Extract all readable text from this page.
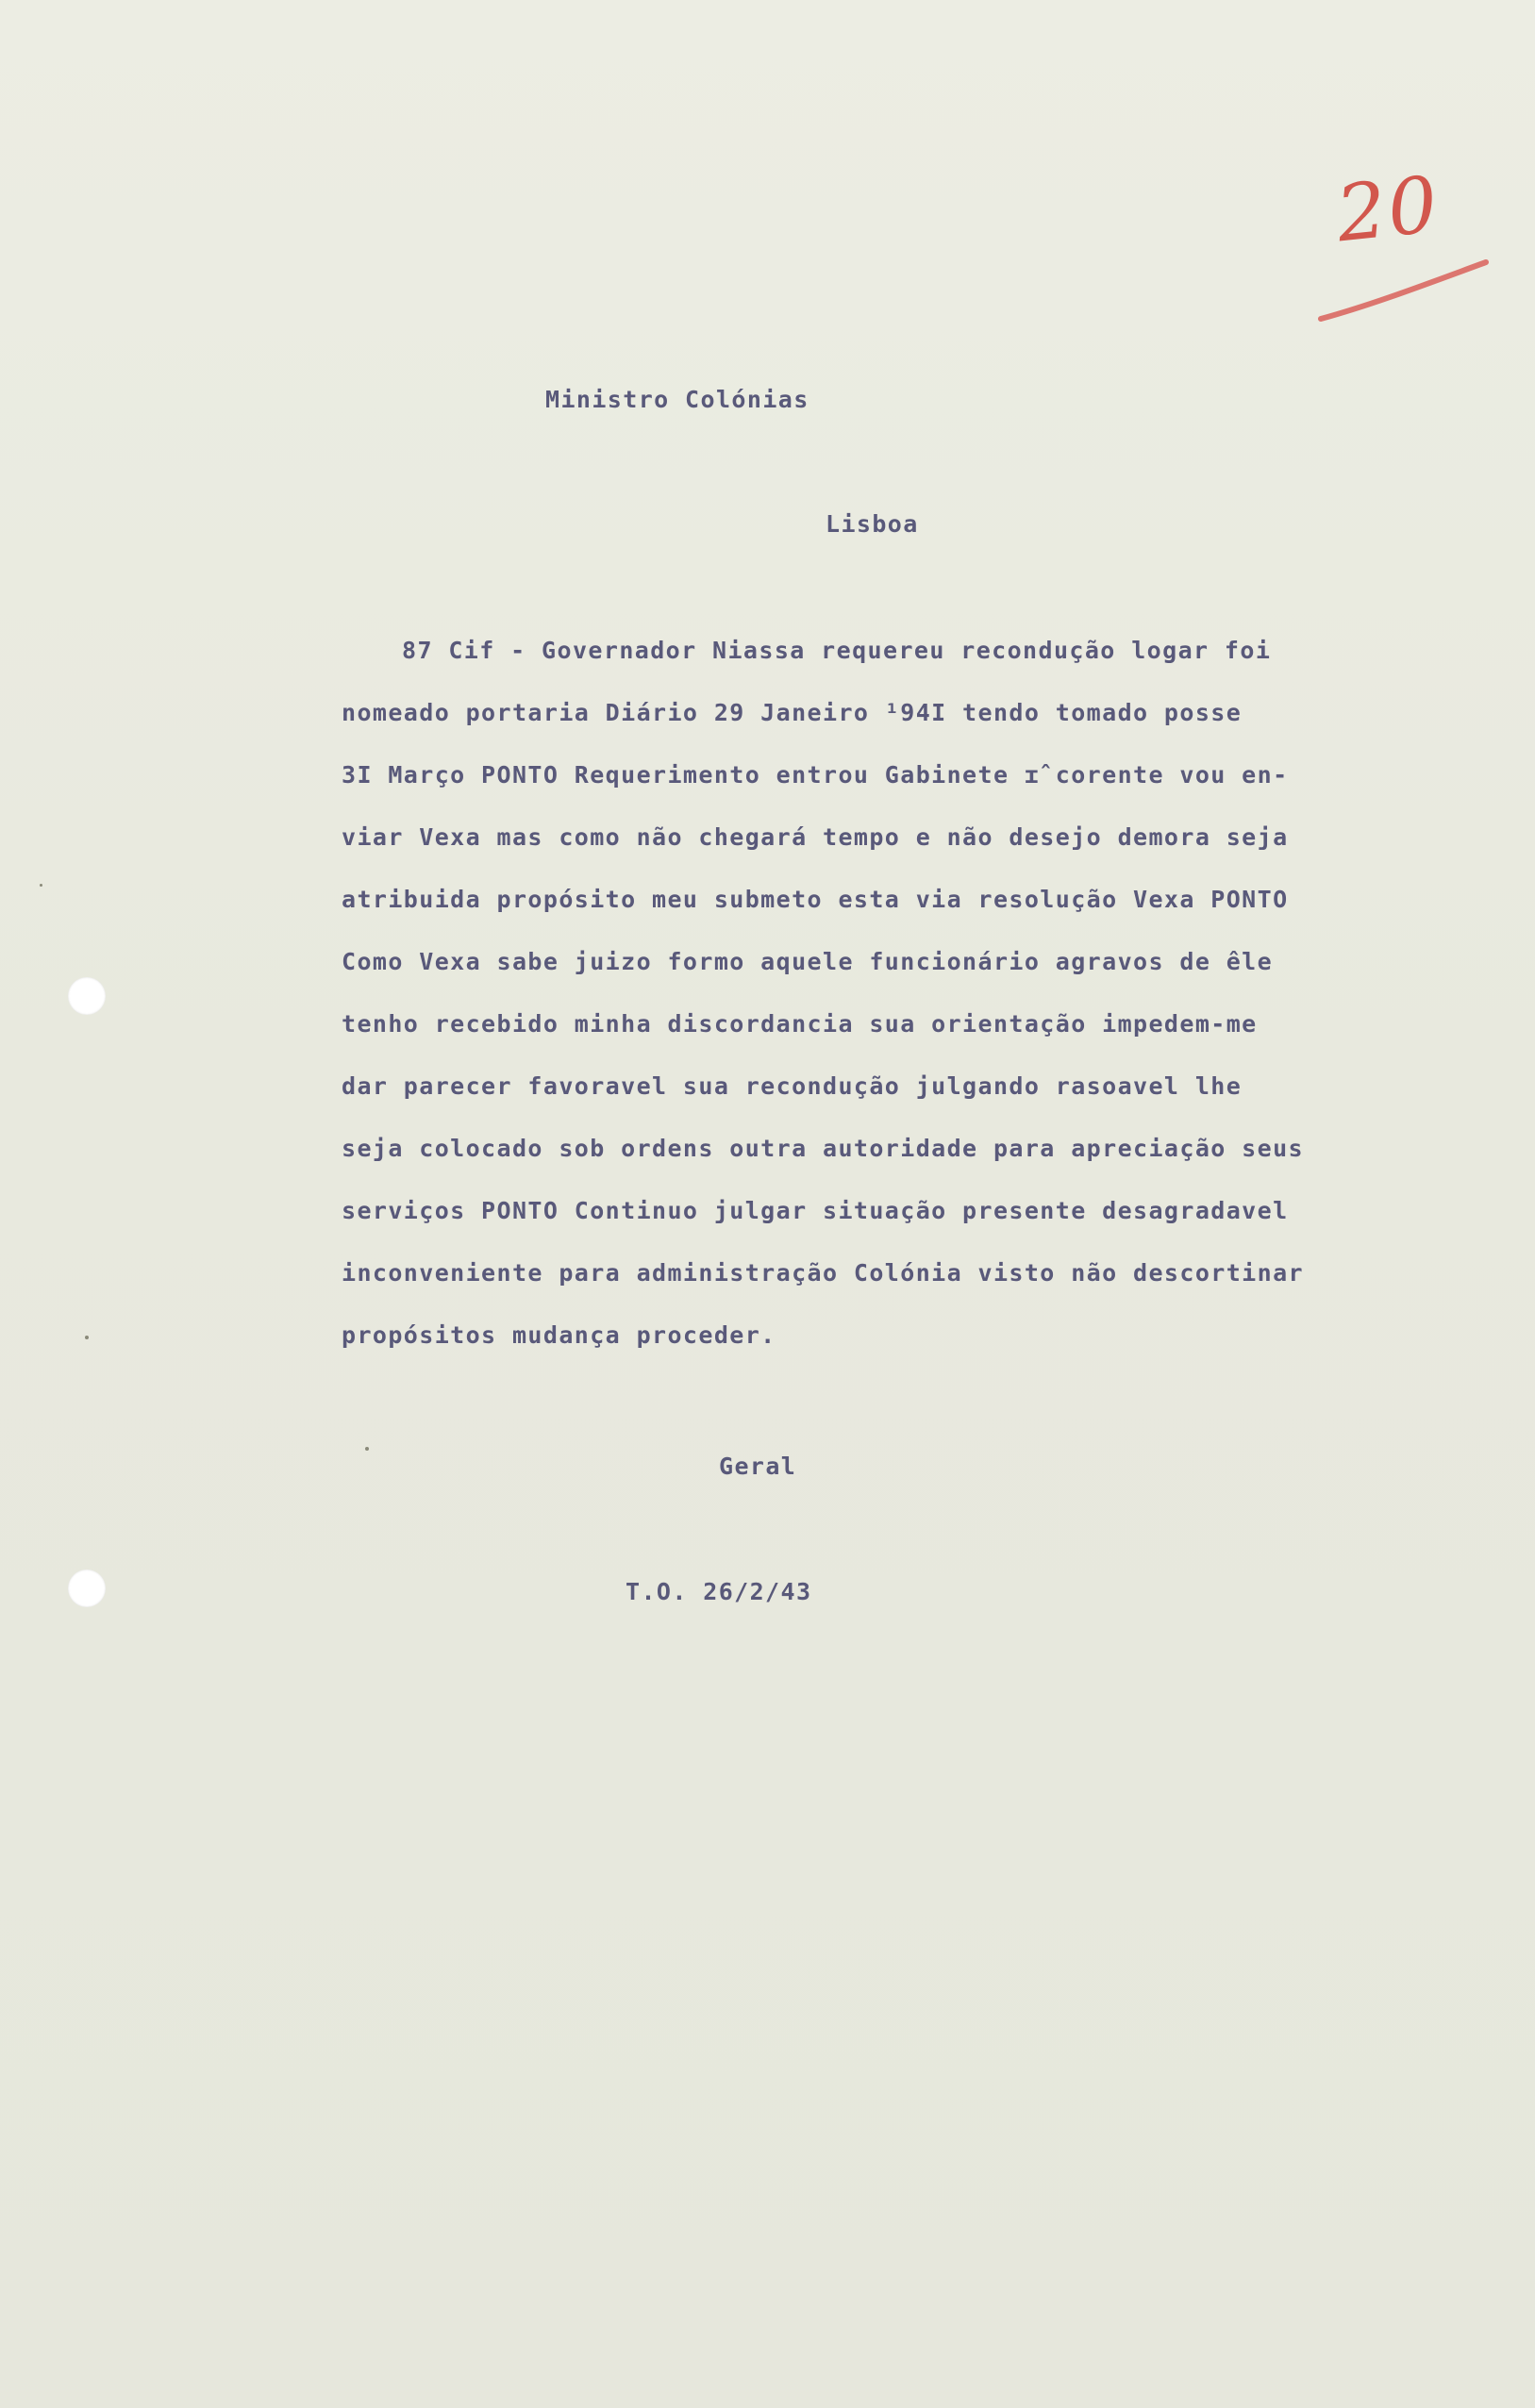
20
Ministro Colónias
Lisboa
87 Cif - Governador Niassa requereu recondução logar foi
nomeado portaria Diário 29 Janeiro ¹94I tendo tomado posse
3I Março PONTO Requerimento entrou Gabinete ɪ̂ corente vou en-
viar Vexa mas como não chegará tempo e não desejo demora seja
atribuida propósito meu submeto esta via resolução Vexa PONTO
Como Vexa sabe juizo formo aquele funcionário agravos de êle
tenho recebido minha discordancia sua orientação impedem-me
dar parecer favoravel sua recondução julgando rasoavel lhe
seja colocado sob ordens outra autoridade para apreciação seus
serviços PONTO Continuo julgar situação presente desagradavel
inconveniente para administração Colónia visto não descortinar
propósitos mudança proceder.
Geral
T.O. 26/2/43
